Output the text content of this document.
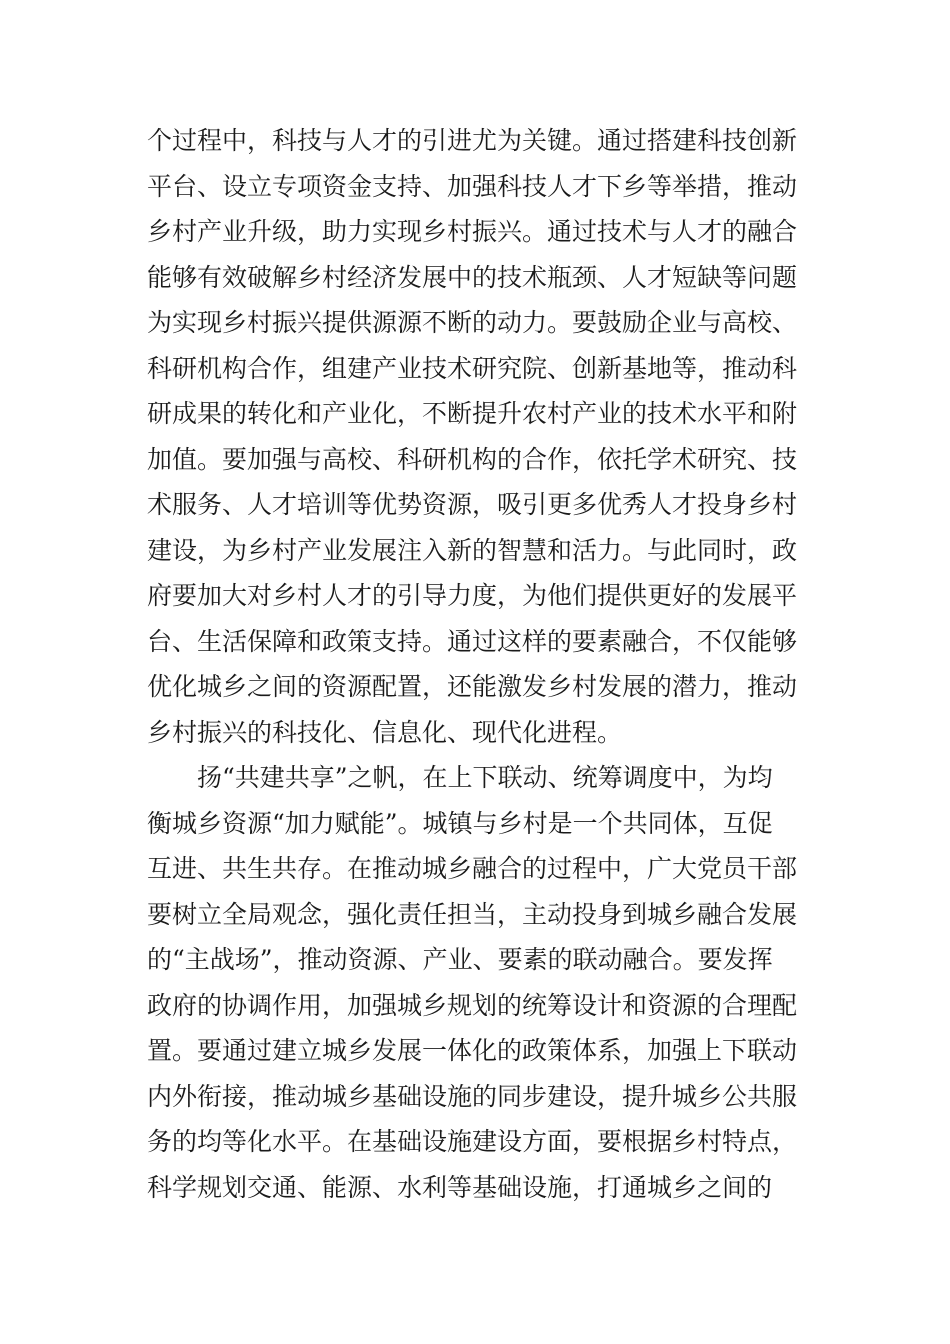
个过程中，科技与人才的引进尤为关键。通过搭建科技创新
平台、设立专项资金支持、加强科技人才下乡等举措，推动
乡村产业升级，助力实现乡村振兴。通过技术与人才的融合
能够有效破解乡村经济发展中的技术瓶颈、人才短缺等问题
为实现乡村振兴提供源源不断的动力。要鼓励企业与高校、
科研机构合作，组建产业技术研究院、创新基地等，推动科
研成果的转化和产业化，不断提升农村产业的技术水平和附
加值。要加强与高校、科研机构的合作，依托学术研究、技
术服务、人才培训等优势资源，吸引更多优秀人才投身乡村
建设，为乡村产业发展注入新的智慧和活力。与此同时，政
府要加大对乡村人才的引导力度，为他们提供更好的发展平
台、生活保障和政策支持。通过这样的要素融合，不仅能够
优化城乡之间的资源配置，还能激发乡村发展的潜力，推动
乡村振兴的科技化、信息化、现代化进程。
扬“共建共享”之帆，在上下联动、统筹调度中，为均
衡城乡资源“加力赋能”。城镇与乡村是一个共同体，互促
互进、共生共存。在推动城乡融合的过程中，广大党员干部
要树立全局观念，强化责任担当，主动投身到城乡融合发展
的“主战场”，推动资源、产业、要素的联动融合。要发挥
政府的协调作用，加强城乡规划的统筹设计和资源的合理配
置。要通过建立城乡发展一体化的政策体系，加强上下联动
内外衔接，推动城乡基础设施的同步建设，提升城乡公共服
务的均等化水平。在基础设施建设方面，要根据乡村特点，
科学规划交通、能源、水利等基础设施，打通城乡之间的
